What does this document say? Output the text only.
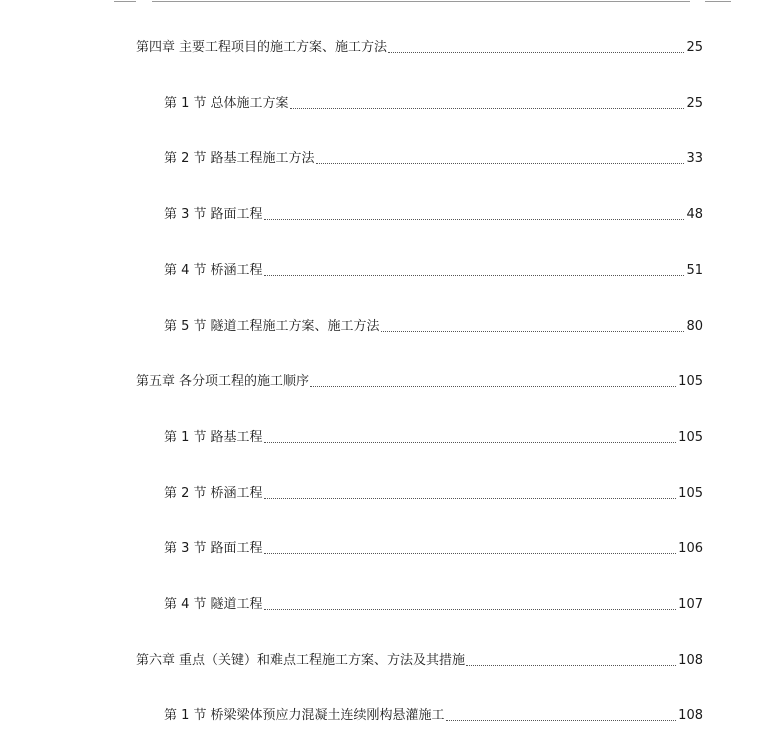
第四章 主要工程项目的施工方案、施工方法	25
第 1 节 总体施工方案	25
第 2 节 路基工程施工方法	33
第 3 节 路面工程	48
第 4 节 桥涵工程	51
第 5 节 隧道工程施工方案、施工方法	80
第五章 各分项工程的施工顺序	105
第 1 节 路基工程	105
第 2 节 桥涵工程	105
第 3 节 路面工程	106
第 4 节 隧道工程	107
第六章 重点（关键）和难点工程施工方案、方法及其措施	108
第 1 节 桥梁梁体预应力混凝土连续刚构悬灌施工	108
